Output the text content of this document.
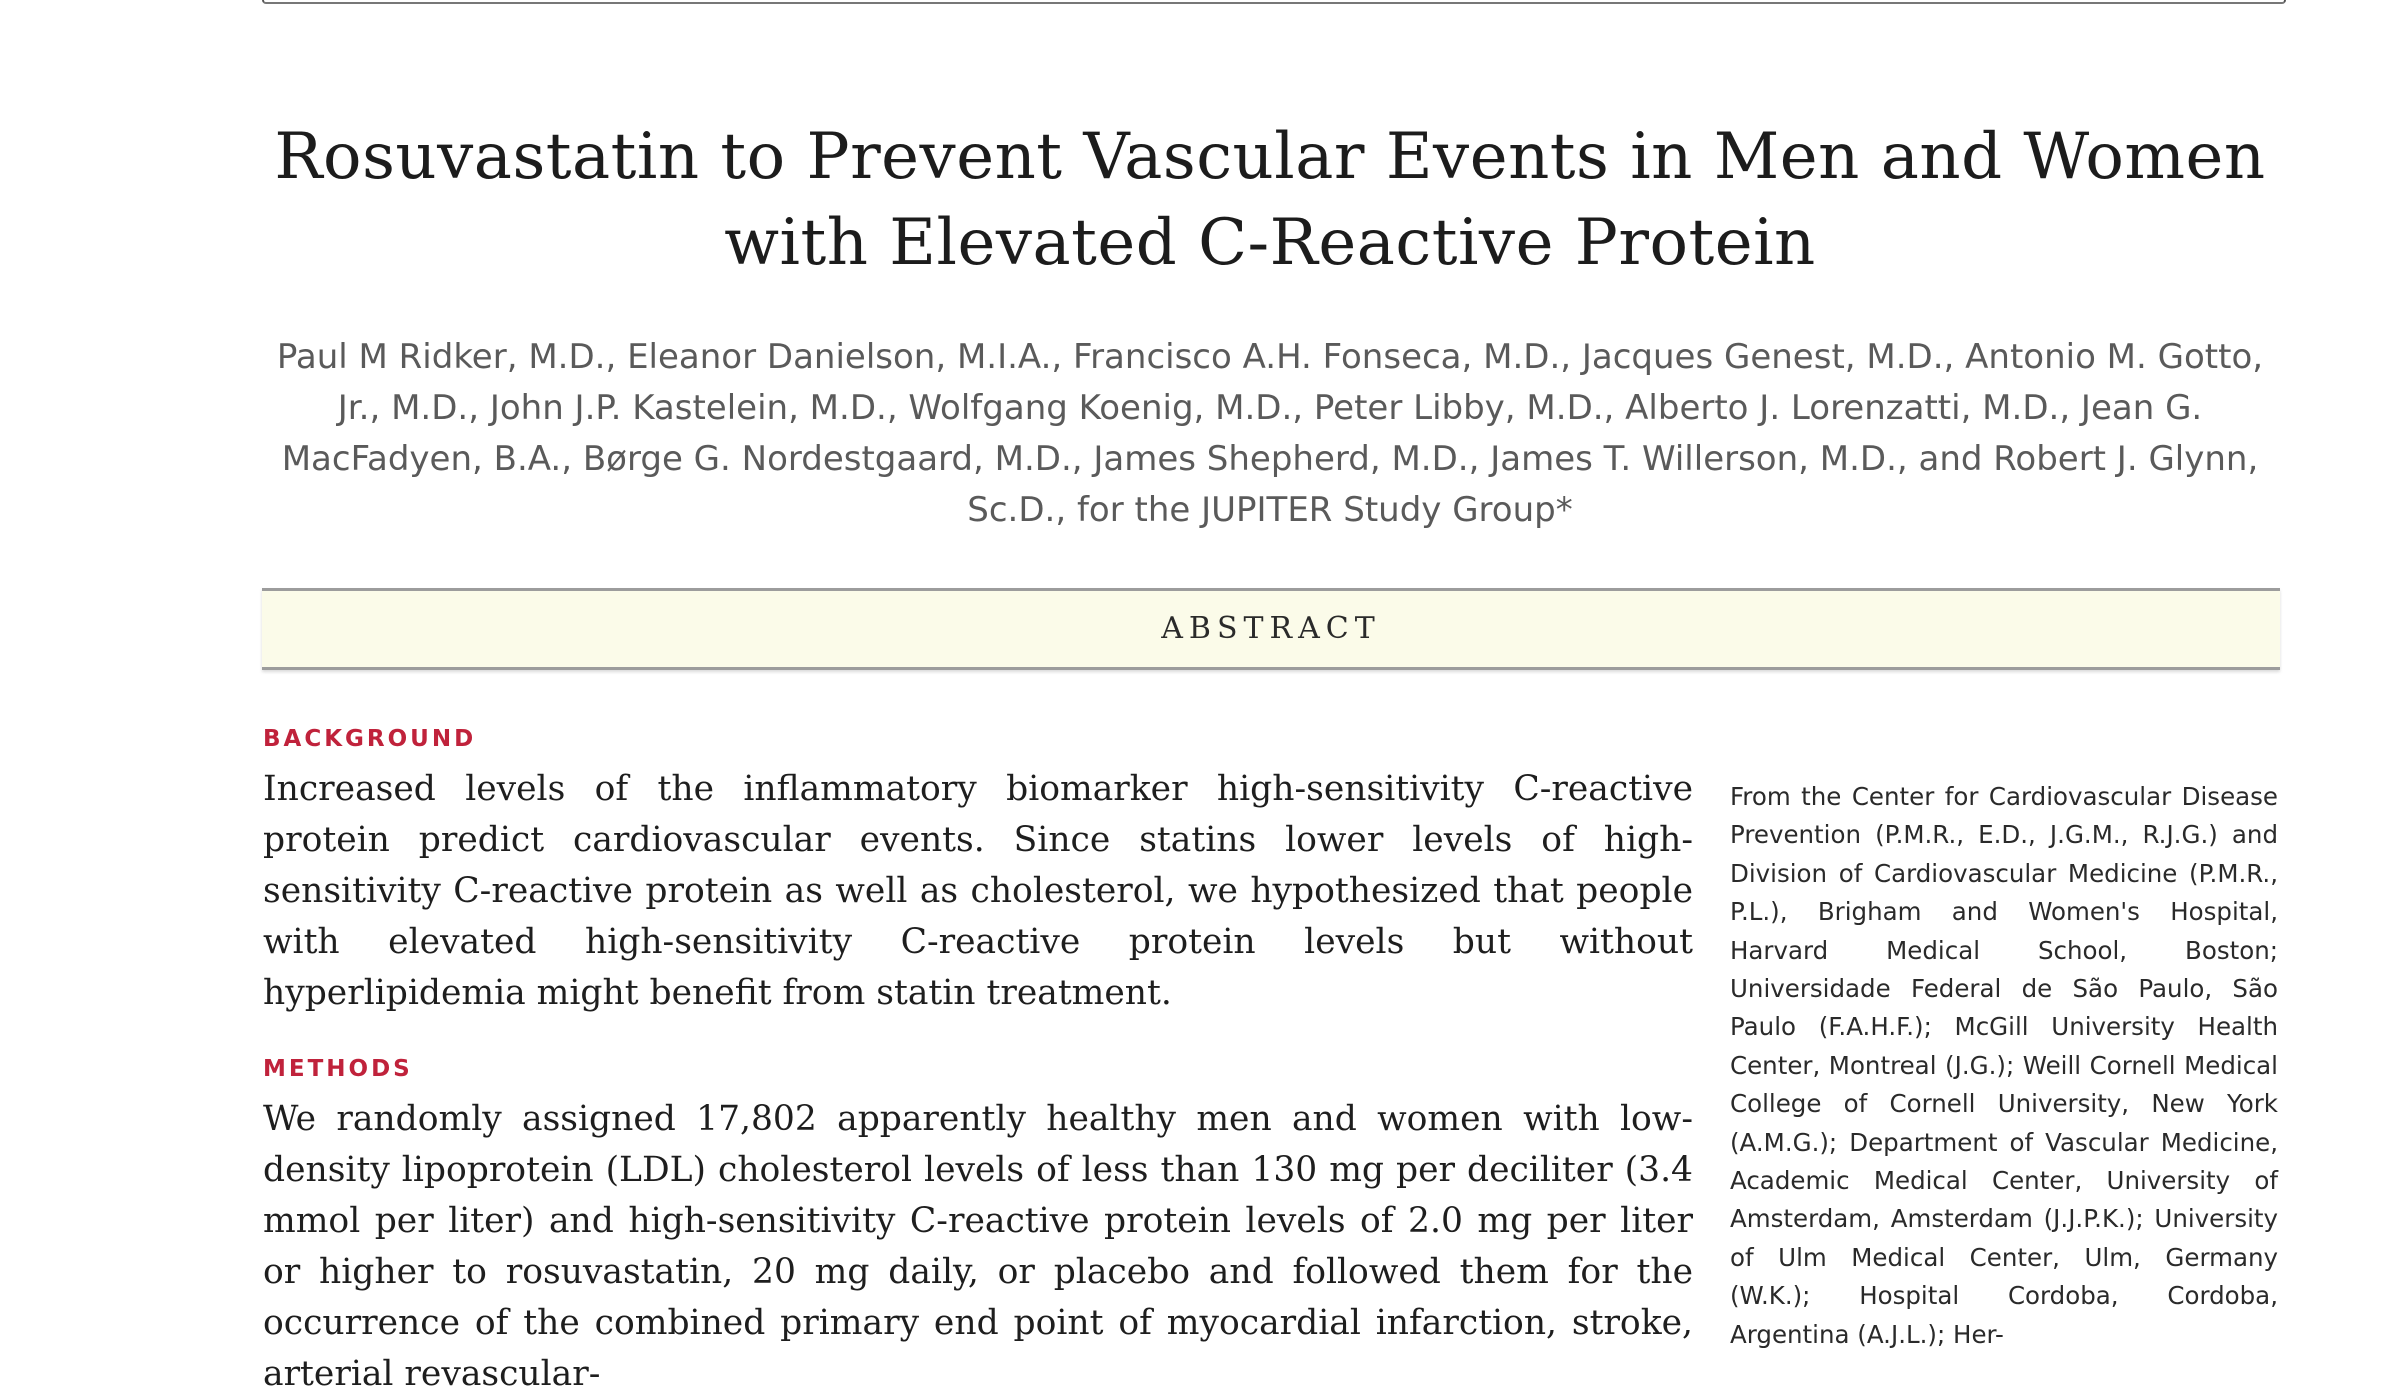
Rosuvastatin to Prevent Vascular Events in Men and Women with Elevated C-Reactive Protein

Paul M Ridker, M.D., Eleanor Danielson, M.I.A., Francisco A.H. Fonseca, M.D., Jacques Genest, M.D., Antonio M. Gotto, Jr., M.D., John J.P. Kastelein, M.D., Wolfgang Koenig, M.D., Peter Libby, M.D., Alberto J. Lorenzatti, M.D., Jean G. MacFadyen, B.A., Børge G. Nordestgaard, M.D., James Shepherd, M.D., James T. Willerson, M.D., and Robert J. Glynn, Sc.D., for the JUPITER Study Group*

ABSTRACT
BACKGROUND

Increased levels of the inflammatory biomarker high-sensitivity C-reactive protein predict cardiovascular events. Since statins lower levels of high-sensitivity C-reactive protein as well as cholesterol, we hypothesized that people with elevated high-sensitivity C-reactive protein levels but without hyperlipidemia might benefit from statin treatment.

METHODS

We randomly assigned 17,802 apparently healthy men and women with low-density lipoprotein (LDL) cholesterol levels of less than 130 mg per deciliter (3.4 mmol per liter) and high-sensitivity C-reactive protein levels of 2.0 mg per liter or higher to rosuvastatin, 20 mg daily, or placebo and followed them for the occurrence of the combined primary end point of myocardial infarction, stroke, arterial revascular-

From the Center for Cardiovascular Disease Prevention (P.M.R., E.D., J.G.M., R.J.G.) and Division of Cardiovascular Medicine (P.M.R., P.L.), Brigham and Women's Hospital, Harvard Medical School, Boston; Universidade Federal de São Paulo, São Paulo (F.A.H.F.); McGill University Health Center, Montreal (J.G.); Weill Cornell Medical College of Cornell University, New York (A.M.G.); Department of Vascular Medicine, Academic Medical Center, University of Amsterdam, Amsterdam (J.J.P.K.); University of Ulm Medical Center, Ulm, Germany (W.K.); Hospital Cordoba, Cordoba, Argentina (A.J.L.); Her-
